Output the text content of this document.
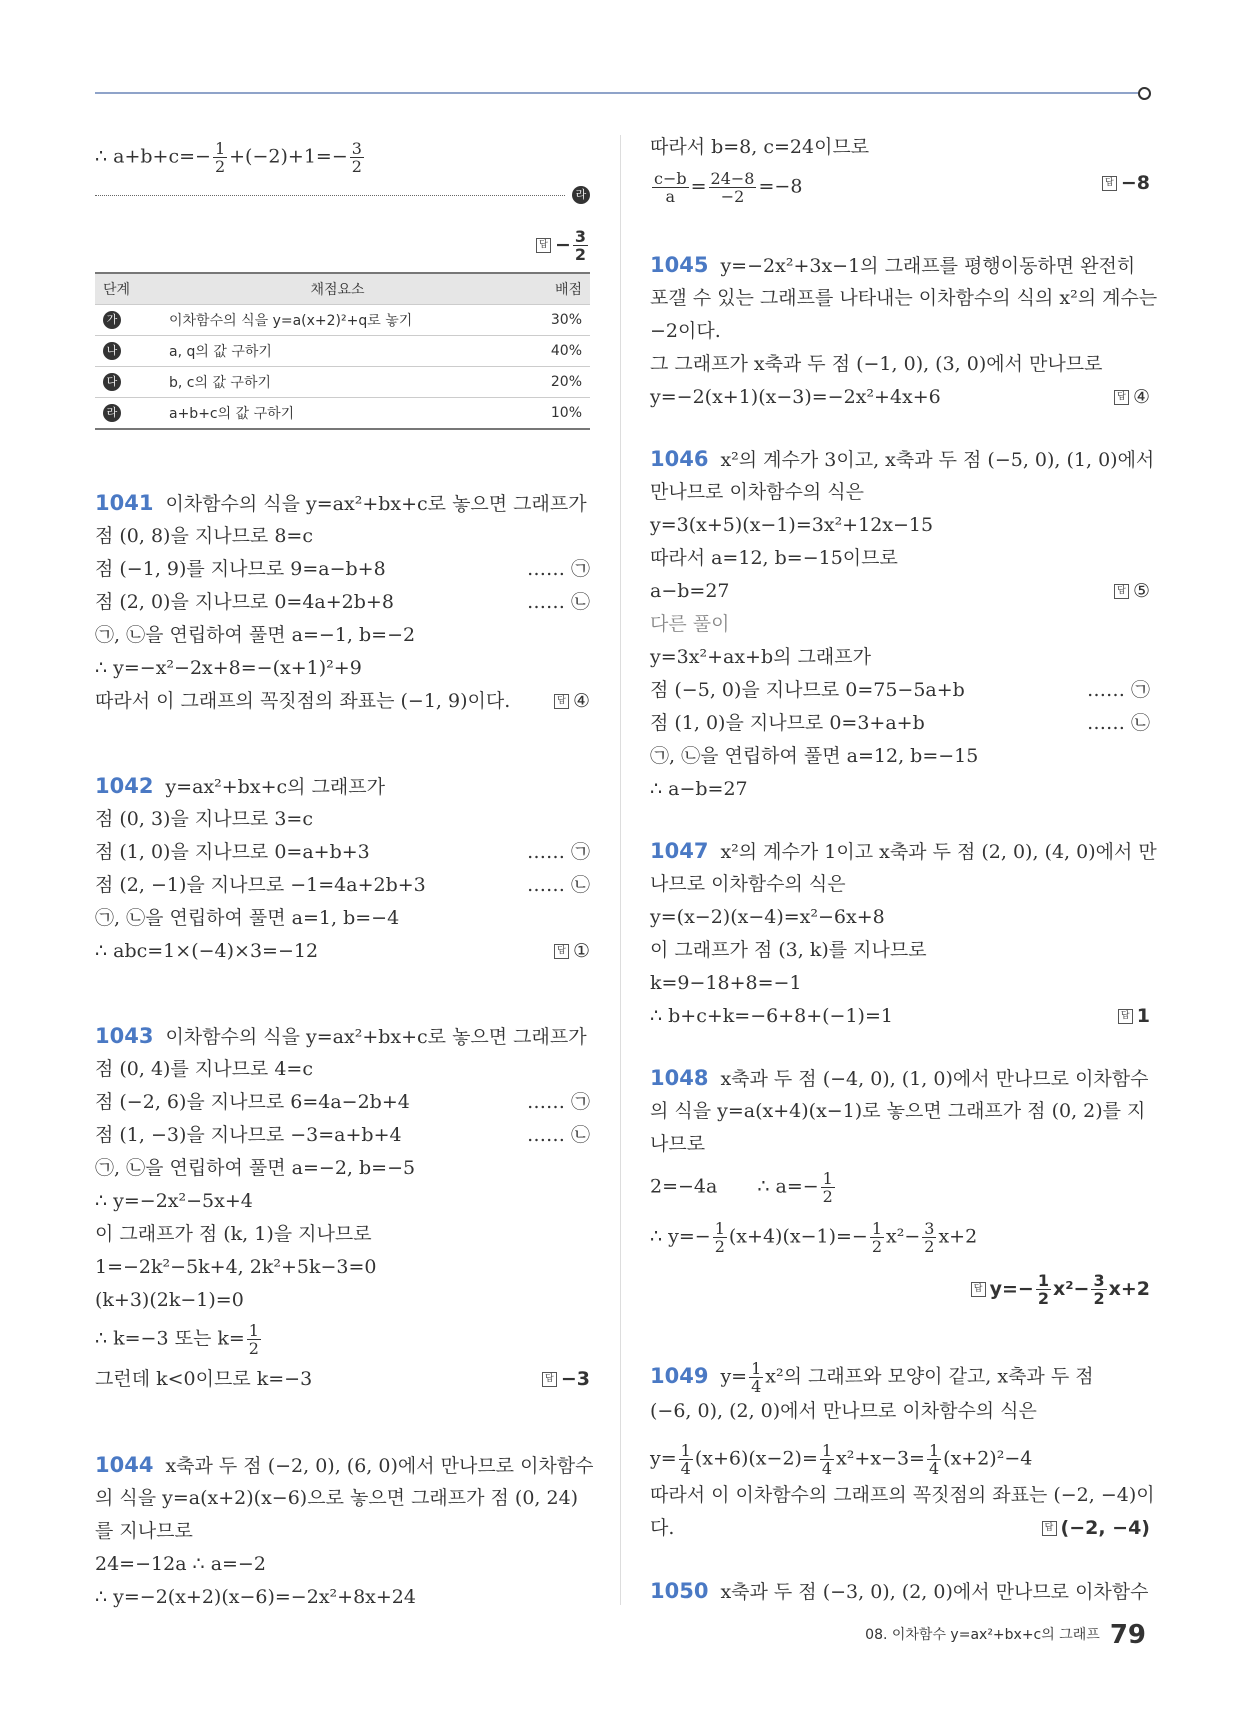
∴ $a+b+c=- \frac{1}{2} +(-2)+1=- \frac{3}{2}$
라
답 − $\frac{3}{2}$
단계	채점요소	배점
가	이차함수의 식을 y=a(x+2)²+q로 놓기	30%
나	a, q의 값 구하기	40%
다	b, c의 값 구하기	20%
라	a+b+c의 값 구하기	10%
1041 이차함수의 식을 y=ax²+bx+c로 놓으면 그래프가
점 (0, 8)을 지나므로 8=c
점 (−1, 9)를 지나므로 9=a−b+8	…… ㉠
점 (2, 0)을 지나므로 0=4a+2b+8	…… ㉡
㉠, ㉡을 연립하여 풀면 a=−1, b=−2
∴ y=−x²−2x+8=−(x+1)²+9
따라서 이 그래프의 꼭짓점의 좌표는 (−1, 9)이다.	답 ④
1042 y=ax²+bx+c의 그래프가
점 (0, 3)을 지나므로 3=c
점 (1, 0)을 지나므로 0=a+b+3	…… ㉠
점 (2, −1)을 지나므로 −1=4a+2b+3	…… ㉡
㉠, ㉡을 연립하여 풀면 a=1, b=−4
∴ abc=1×(−4)×3=−12	답 ①
1043 이차함수의 식을 y=ax²+bx+c로 놓으면 그래프가
점 (0, 4)를 지나므로 4=c
점 (−2, 6)을 지나므로 6=4a−2b+4	…… ㉠
점 (1, −3)을 지나므로 −3=a+b+4	…… ㉡
㉠, ㉡을 연립하여 풀면 a=−2, b=−5
∴ y=−2x²−5x+4
이 그래프가 점 (k, 1)을 지나므로
1=−2k²−5k+4, 2k²+5k−3=0
(k+3)(2k−1)=0
∴ k=−3 또는 $k= \frac{1}{2}$
그런데 k<0이므로 k=−3	답 −3
1044 x축과 두 점 (−2, 0), (6, 0)에서 만나므로 이차함수
의 식을 y=a(x+2)(x−6)으로 놓으면 그래프가 점 (0, 24)
를 지나므로
24=−12a ∴ a=−2
∴ y=−2(x+2)(x−6)=−2x²+8x+24
따라서 b=8, c=24이므로
$\frac{c-b}{a} = \frac{24-8}{-2} =-8$	답 −8
1045 y=−2x²+3x−1의 그래프를 평행이동하면 완전히
포갤 수 있는 그래프를 나타내는 이차함수의 식의 x²의 계수는
−2이다.
그 그래프가 x축과 두 점 (−1, 0), (3, 0)에서 만나므로
y=−2(x+1)(x−3)=−2x²+4x+6	답 ④
1046 x²의 계수가 3이고, x축과 두 점 (−5, 0), (1, 0)에서
만나므로 이차함수의 식은
y=3(x+5)(x−1)=3x²+12x−15
따라서 a=12, b=−15이므로
a−b=27	답 ⑤
다른 풀이
y=3x²+ax+b의 그래프가
점 (−5, 0)을 지나므로 0=75−5a+b	…… ㉠
점 (1, 0)을 지나므로 0=3+a+b	…… ㉡
㉠, ㉡을 연립하여 풀면 a=12, b=−15
∴ a−b=27
1047 x²의 계수가 1이고 x축과 두 점 (2, 0), (4, 0)에서 만
나므로 이차함수의 식은
y=(x−2)(x−4)=x²−6x+8
이 그래프가 점 (3, k)를 지나므로
k=9−18+8=−1
∴ b+c+k=−6+8+(−1)=1	답 1
1048 x축과 두 점 (−4, 0), (1, 0)에서 만나므로 이차함수
의 식을 y=a(x+4)(x−1)로 놓으면 그래프가 점 (0, 2)를 지
나므로
2=−4a ∴ $a=- \frac{1}{2}$
∴ $y=- \frac{1}{2} (x+4)(x-1)=- \frac{1}{2} x^2- \frac{3}{2} x+2$
답 $y=- \frac{1}{2} x^2- \frac{3}{2} x+2$
1049 $y= \frac{1}{4} x^2$의 그래프와 모양이 같고, x축과 두 점
(−6, 0), (2, 0)에서 만나므로 이차함수의 식은
$y= \frac{1}{4} (x+6)(x-2)= \frac{1}{4} x^2+x-3= \frac{1}{4} (x+2)^2-4$
따라서 이 이차함수의 그래프의 꼭짓점의 좌표는 (−2, −4)이
다.	답 (−2, −4)
1050 x축과 두 점 (−3, 0), (2, 0)에서 만나므로 이차함수
08. 이차함수 y=ax²+bx+c의 그래프 79
